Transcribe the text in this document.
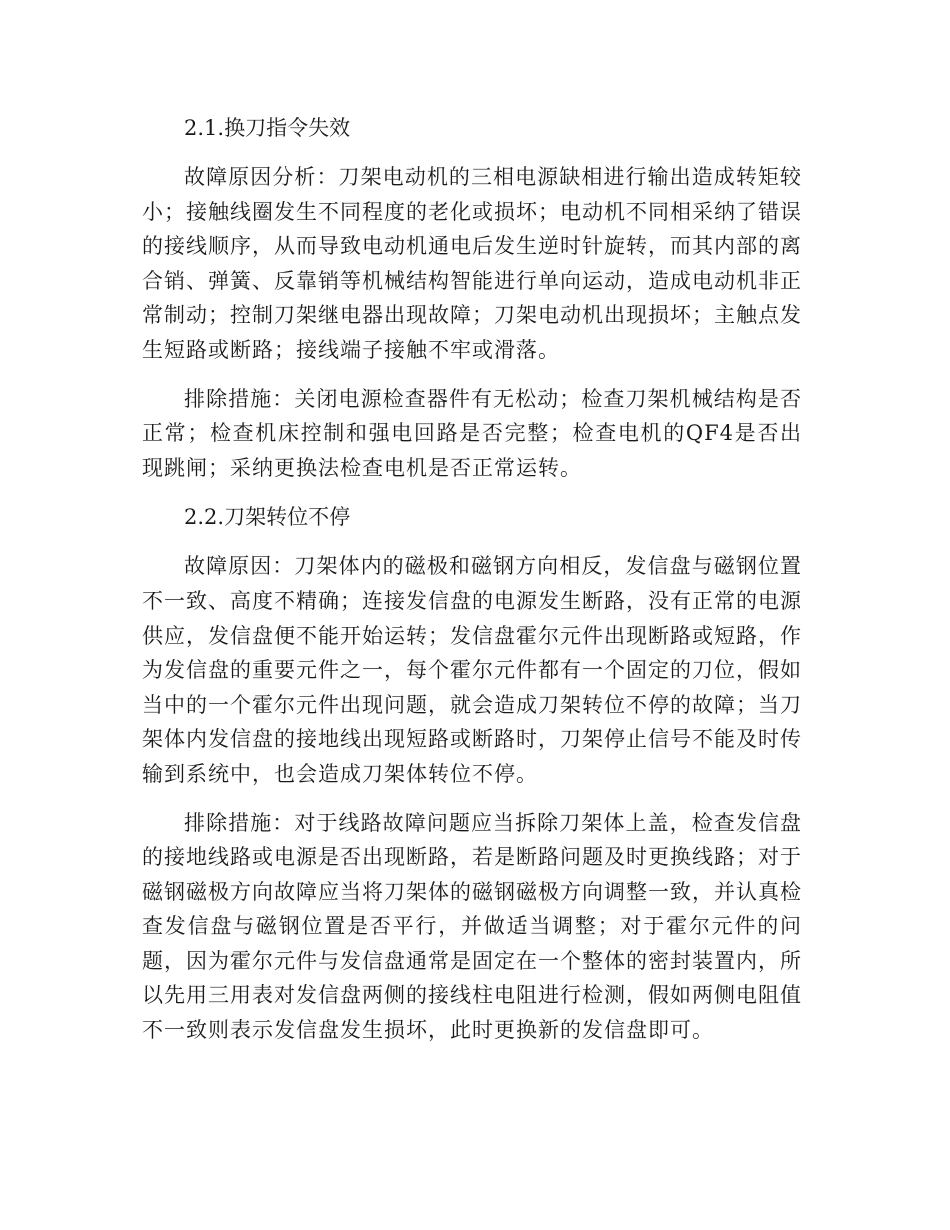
2.1.换刀指令失效

故障原因分析：刀架电动机的三相电源缺相进行输出造成转矩较小；接触线圈发生不同程度的老化或损坏；电动机不同相采纳了错误的接线顺序，从而导致电动机通电后发生逆时针旋转，而其内部的离合销、弹簧、反靠销等机械结构智能进行单向运动，造成电动机非正常制动；控制刀架继电器出现故障；刀架电动机出现损坏；主触点发生短路或断路；接线端子接触不牢或滑落。

排除措施：关闭电源检查器件有无松动；检查刀架机械结构是否正常；检查机床控制和强电回路是否完整；检查电机的QF4是否出现跳闸；采纳更换法检查电机是否正常运转。

2.2.刀架转位不停

故障原因：刀架体内的磁极和磁钢方向相反，发信盘与磁钢位置不一致、高度不精确；连接发信盘的电源发生断路，没有正常的电源供应，发信盘便不能开始运转；发信盘霍尔元件出现断路或短路，作为发信盘的重要元件之一，每个霍尔元件都有一个固定的刀位，假如当中的一个霍尔元件出现问题，就会造成刀架转位不停的故障；当刀架体内发信盘的接地线出现短路或断路时，刀架停止信号不能及时传输到系统中，也会造成刀架体转位不停。

排除措施：对于线路故障问题应当拆除刀架体上盖，检查发信盘的接地线路或电源是否出现断路，若是断路问题及时更换线路；对于磁钢磁极方向故障应当将刀架体的磁钢磁极方向调整一致，并认真检查发信盘与磁钢位置是否平行，并做适当调整；对于霍尔元件的问题，因为霍尔元件与发信盘通常是固定在一个整体的密封装置内，所以先用三用表对发信盘两侧的接线柱电阻进行检测，假如两侧电阻值不一致则表示发信盘发生损坏，此时更换新的发信盘即可。
